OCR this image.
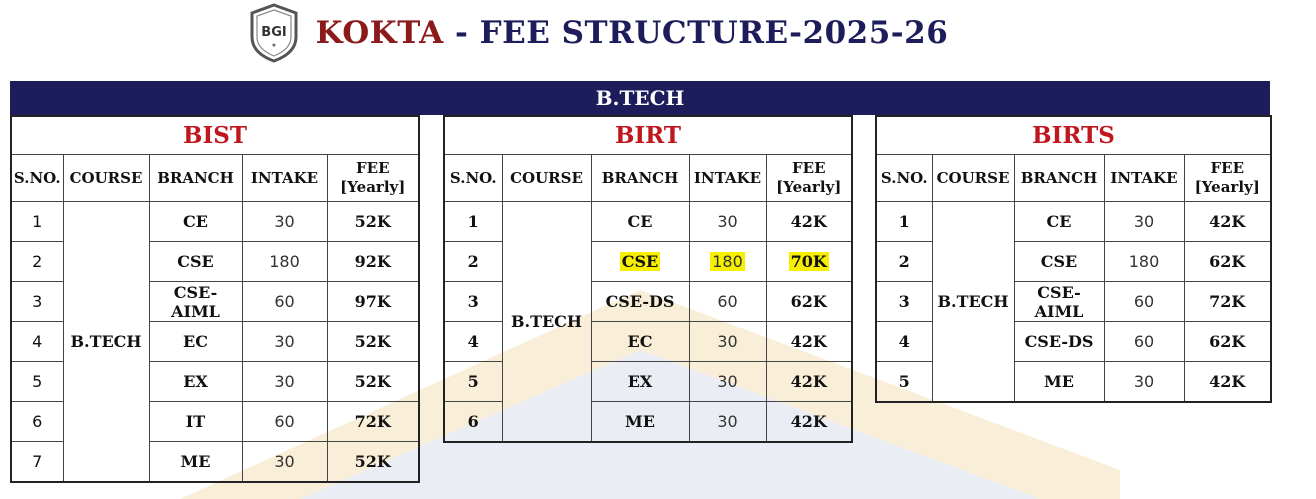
BGI
★ KOKTA - FEE STRUCTURE-2025-26
B.TECH
BIST				
S.NO.	COURSE	BRANCH	INTAKE	FEE
[Yearly]
1	B.TECH	CE	30	52K
2		CSE	180	92K
3		CSE-AIML	60	97K
4		EC	30	52K
5		EX	30	52K
6		IT	60	72K
7		ME	30	52K
BIRT				
S.NO.	COURSE	BRANCH	INTAKE	FEE
[Yearly]
1	B.TECH	CE	30	42K
2		CSE	180	70K
3		CSE-DS	60	62K
4		EC	30	42K
5		EX	30	42K
6		ME	30	42K
BIRTS				
S.NO.	COURSE	BRANCH	INTAKE	FEE
[Yearly]
1	B.TECH	CE	30	42K
2		CSE	180	62K
3		CSE-AIML	60	72K
4		CSE-DS	60	62K
5		ME	30	42K
